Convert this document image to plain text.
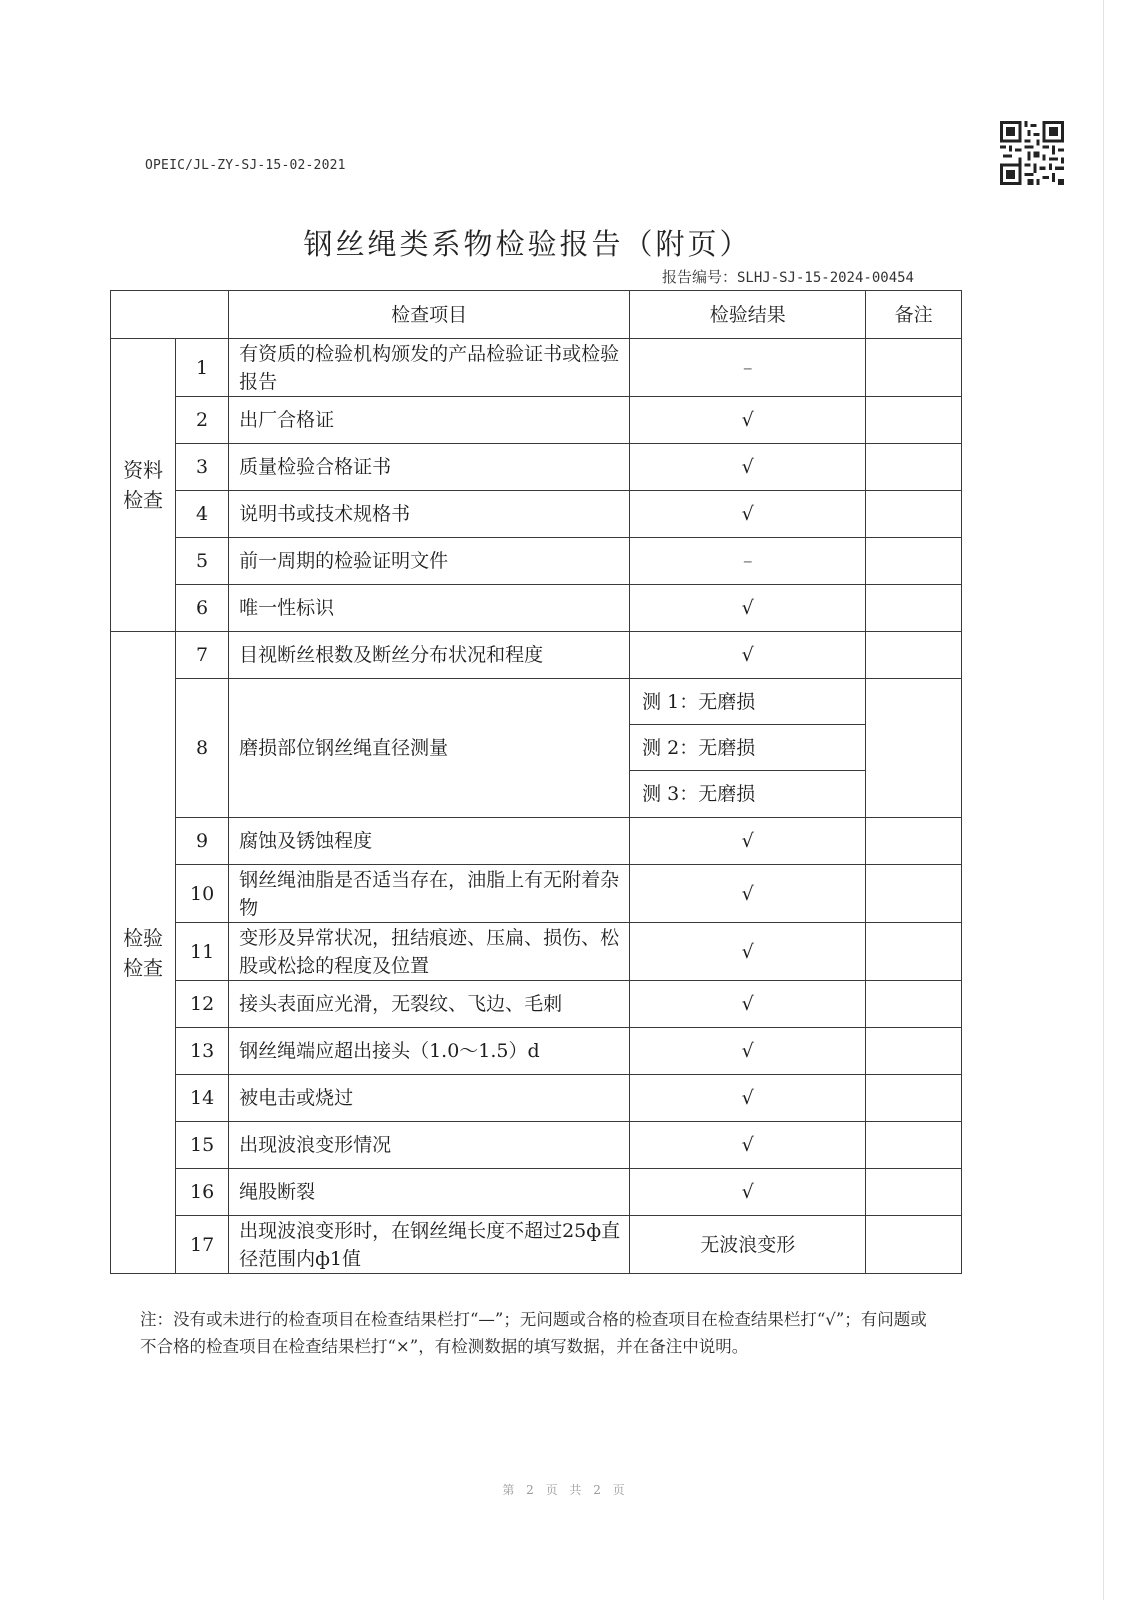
OPEIC/JL-ZY-SJ-15-02-2021
钢丝绳类系物检验报告（附页）
报告编号：SLHJ-SJ-15-2024-00454
		检查项目	检验结果	备注
资料检查	1	有资质的检验机构颁发的产品检验证书或检验报告	–	
	2	出厂合格证	√	
	3	质量检验合格证书	√	
	4	说明书或技术规格书	√	
	5	前一周期的检验证明文件	–	
	6	唯一性标识	√	
检验检查	7	目视断丝根数及断丝分布状况和程度	√	
	8	磨损部位钢丝绳直径测量	测 1：无磨损	
			测 2：无磨损	
			测 3：无磨损	
	9	腐蚀及锈蚀程度	√	
	10	钢丝绳油脂是否适当存在，油脂上有无附着杂物	√	
	11	变形及异常状况，扭结痕迹、压扁、损伤、松股或松捻的程度及位置	√	
	12	接头表面应光滑，无裂纹、飞边、毛刺	√	
	13	钢丝绳端应超出接头（1.0～1.5）d	√	
	14	被电击或烧过	√	
	15	出现波浪变形情况	√	
	16	绳股断裂	√	
	17	出现波浪变形时，在钢丝绳长度不超过25ф直径范围内ф1值	无波浪变形	
注：没有或未进行的检查项目在检查结果栏打“—”；无问题或合格的检查项目在检查结果栏打“√”；有问题或不合格的检查项目在检查结果栏打“×”，有检测数据的填写数据，并在备注中说明。
第 2 页 共 2 页
